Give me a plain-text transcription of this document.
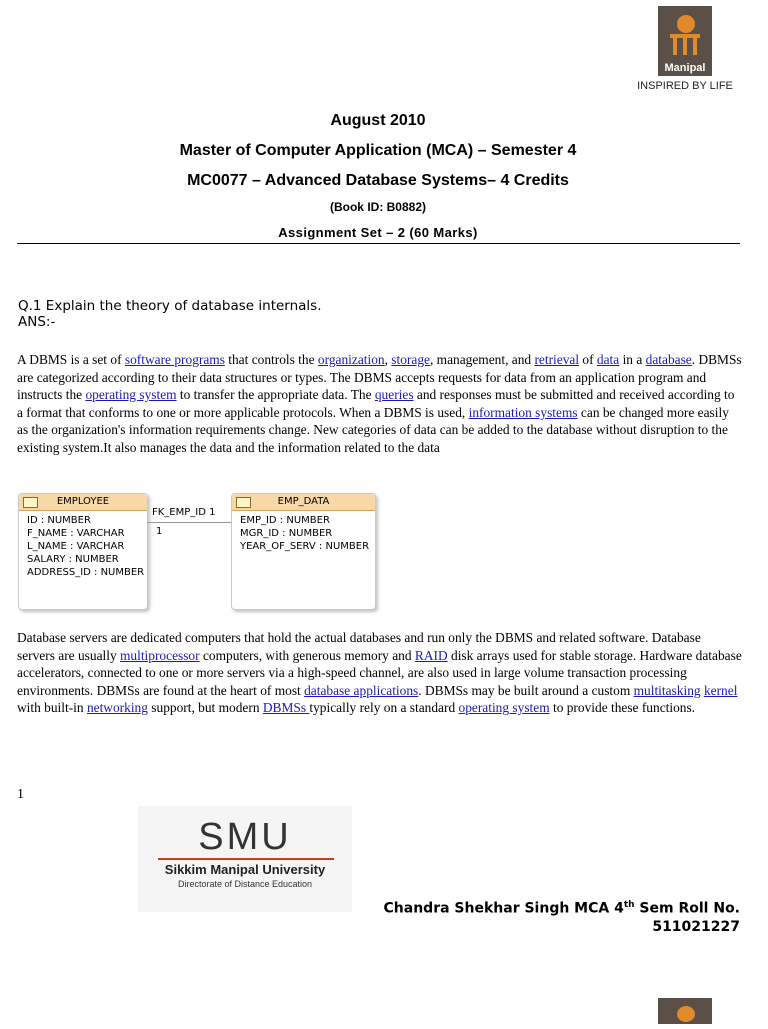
Manipal
INSPIRED BY LIFE
August 2010
Master of Computer Application (MCA) – Semester 4
MC0077 – Advanced Database Systems– 4 Credits
(Book ID: B0882)
Assignment Set – 2 (60 Marks)
Q.1 Explain the theory of database internals.
ANS:-
A DBMS is a set of software programs that controls the organization, storage, management, and retrieval of data in a database. DBMSs are categorized according to their data structures or types. The DBMS accepts requests for data from an application program and instructs the operating system to transfer the appropriate data. The queries and responses must be submitted and received according to a format that conforms to one or more applicable protocols. When a DBMS is used, information systems can be changed more easily as the organization's information requirements change. New categories of data can be added to the database without disruption to the existing system.It also manages the data and the information related to the data
EMPLOYEE
ID : NUMBER
F_NAME : VARCHAR
L_NAME : VARCHAR
SALARY : NUMBER
ADDRESS_ID : NUMBER
FK_EMP_ID 1
1
EMP_DATA
EMP_ID : NUMBER
MGR_ID : NUMBER
YEAR_OF_SERV : NUMBER
Database servers are dedicated computers that hold the actual databases and run only the DBMS and related software. Database servers are usually multiprocessor computers, with generous memory and RAID disk arrays used for stable storage. Hardware database accelerators, connected to one or more servers via a high-speed channel, are also used in large volume transaction processing environments. DBMSs are found at the heart of most database applications. DBMSs may be built around a custom multitasking kernel with built-in networking support, but modern DBMSs typically rely on a standard operating system to provide these functions.
1
SMU
Sikkim Manipal University
Directorate of Distance Education
Chandra Shekhar Singh MCA 4th Sem Roll No.
511021227
